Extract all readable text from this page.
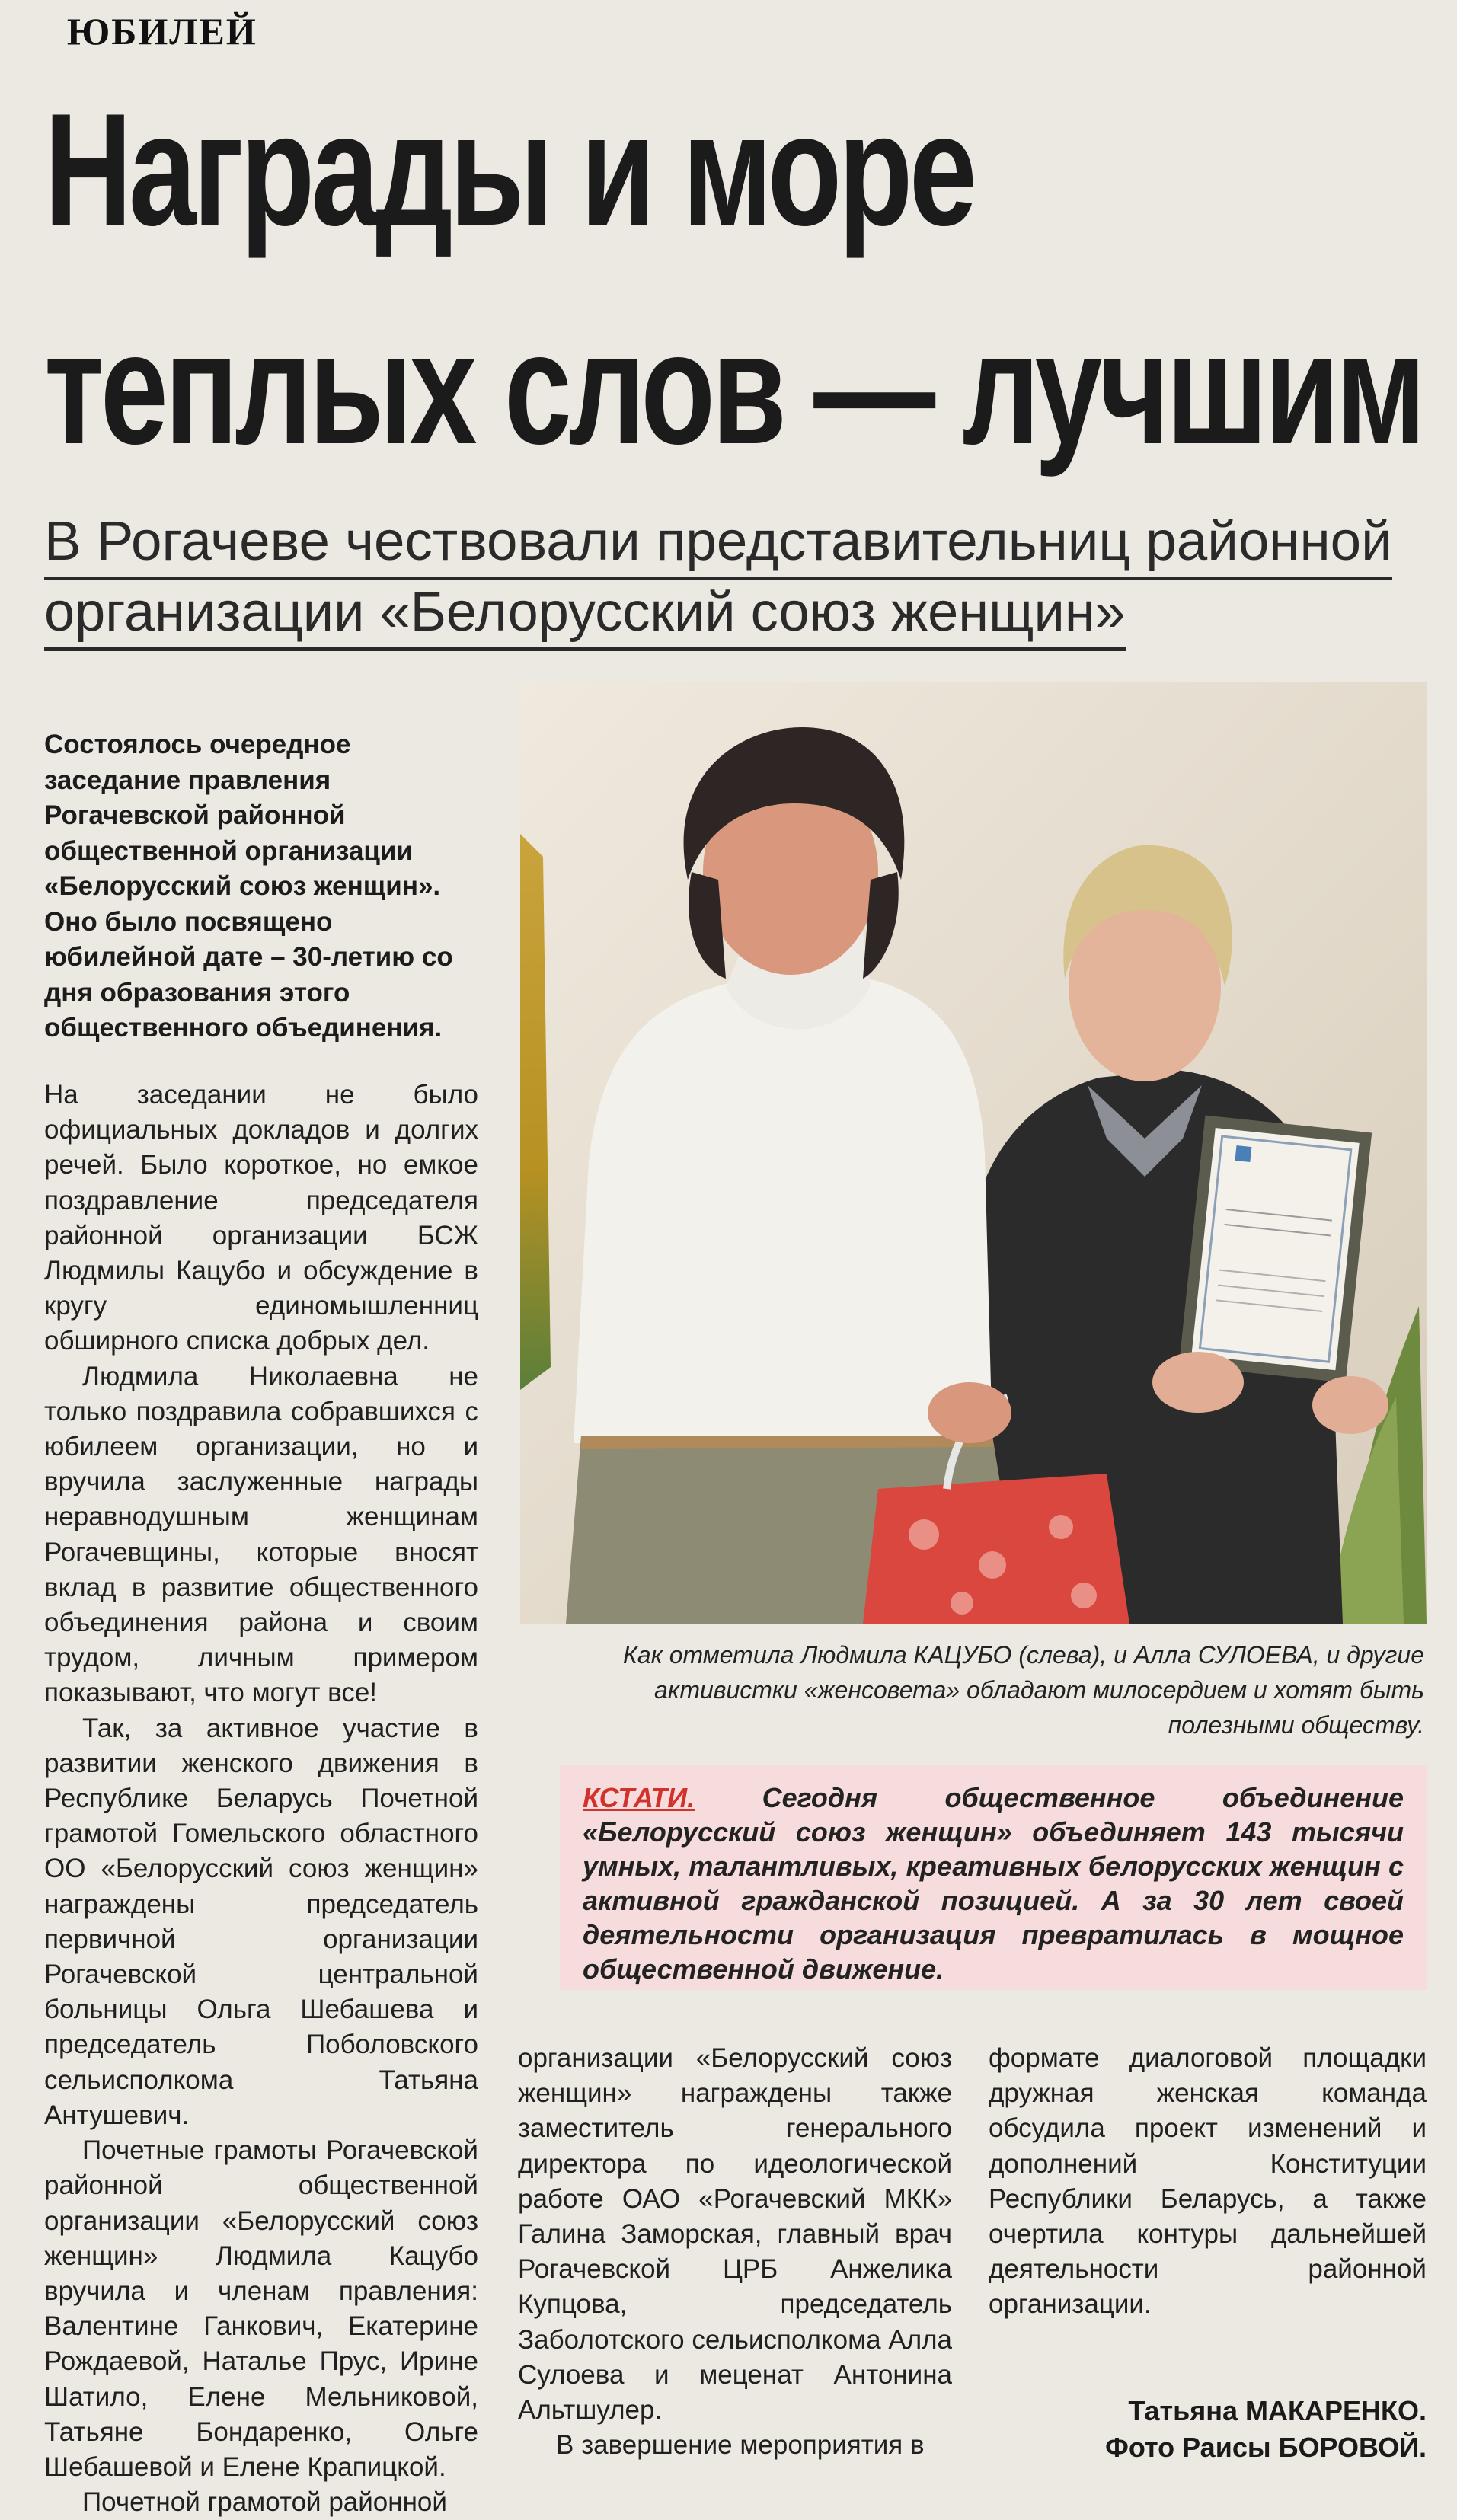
ЮБИЛЕЙ
Награды и море
теплых слов — лучшим
В Рогачеве чествовали представительниц районной
организации «Белорусский союз женщин»
Состоялось очередное заседание правления Рогачевской районной общественной организации «Белорусский союз женщин». Оно было посвящено юбилейной дате – 30-летию со дня образования этого общественного объединения.

На заседании не было официальных докладов и долгих речей. Было короткое, но емкое поздравление председателя районной организации БСЖ Людмилы Кацубо и обсуждение в кругу единомышленниц обширного списка добрых дел.

Людмила Николаевна не только поздравила собравшихся с юбилеем организации, но и вручила заслуженные награды неравнодушным женщинам Рогачевщины, которые вносят вклад в развитие общественного объединения района и своим трудом, личным примером показывают, что могут все!

Так, за активное участие в развитии женского движения в Республике Беларусь Почетной грамотой Гомельского областного ОО «Белорусский союз женщин» награждены председатель первичной организации Рогачевской центральной больницы Ольга Шебашева и председатель Поболовского сельисполкома Татьяна Антушевич.

Почетные грамоты Рогачевской районной общественной организации «Белорусский союз женщин» Людмила Кацубо вручила и членам правления: Валентине Ганкович, Екатерине Рождаевой, Наталье Прус, Ирине Шатило, Елене Мельниковой, Татьяне Бондаренко, Ольге Шебашевой и Елене Крапицкой.

Почетной грамотой районной

Как отметила Людмила КАЦУБО (слева), и Алла СУЛОЕВА, и другие активистки «женсовета» обладают милосердием и хотят быть полезными обществу.
КСТАТИ. Сегодня общественное объединение «Белорусский союз женщин» объединяет 143 тысячи умных, талантливых, креативных белорусских женщин с активной гражданской позицией. А за 30 лет своей деятельности организация превратилась в мощное общественной движение.

организации «Белорусский союз женщин» награждены также заместитель генерального директора по идеологической работе ОАО «Рогачевский МКК» Галина Заморская, главный врач Рогачевской ЦРБ Анжелика Купцова, председатель Заболотского сельисполкома Алла Сулоева и меценат Антонина Альтшулер.

В завершение мероприятия в

формате диалоговой площадки дружная женская команда обсудила проект изменений и дополнений Конституции Республики Беларусь, а также очертила контуры дальнейшей деятельности районной организации.

Татьяна МАКАРЕНКО.
Фото Раисы БОРОВОЙ.
